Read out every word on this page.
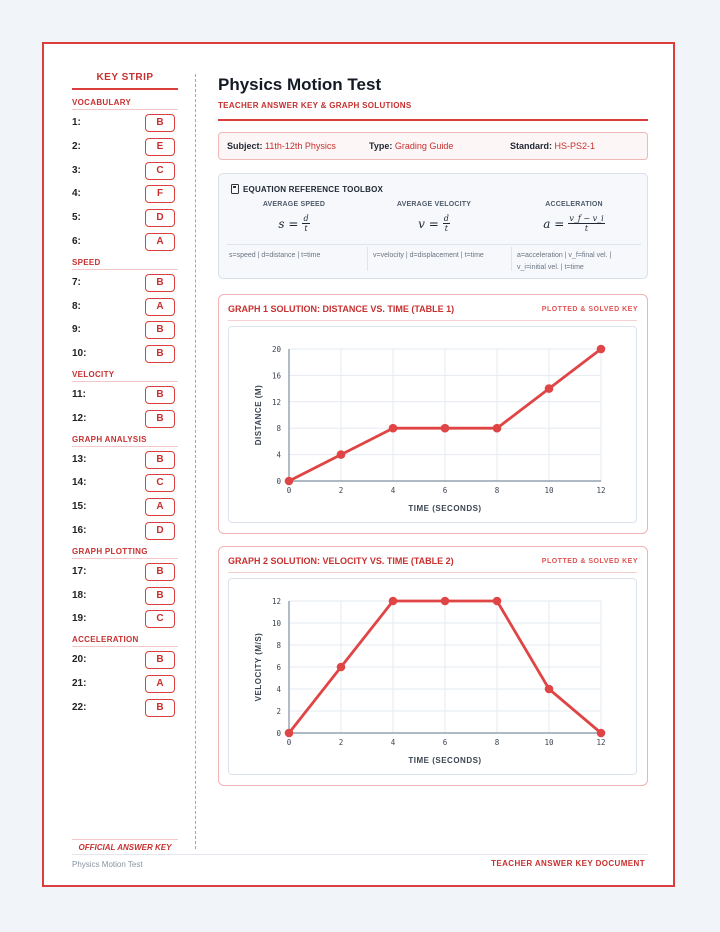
KEY STRIP
VOCABULARY
1:	B
2:	E
3:	C
4:	F
5:	D
6:	A
SPEED
7:	B
8:	A
9:	B
10:	B
VELOCITY
11:	B
12:	B
GRAPH ANALYSIS
13:	B
14:	C
15:	A
16:	D
GRAPH PLOTTING
17:	B
18:	B
19:	C
ACCELERATION
20:	B
21:	A
22:	B
OFFICIAL ANSWER KEY
Physics Motion Test
TEACHER ANSWER KEY & GRAPH SOLUTIONS
Subject: 11th-12th Physics	Type: Grading Guide	Standard: HS-PS2-1
EQUATION REFERENCE TOOLBOX
AVERAGE SPEED
$s = \frac{d}{t}$
AVERAGE VELOCITY
$v = \frac{d}{t}$
ACCELERATION
$a = \frac{v\_f - v\_i}{t}$
s=speed | d=distance | t=time	v=velocity | d=displacement | t=time	a=acceleration | v_f=final vel. | v_i=initial vel. | t=time
GRAPH 1 SOLUTION: DISTANCE VS. TIME (TABLE 1)	PLOTTED & SOLVED KEY
0
4
8
12
16
20
0	2	4	6	8	10	12
TIME (SECONDS)
DISTANCE (M)
GRAPH 2 SOLUTION: VELOCITY VS. TIME (TABLE 2)	PLOTTED & SOLVED KEY
0
2
4
6
8
10
12
0	2	4	6	8	10	12
TIME (SECONDS)
VELOCITY (M/S)
Physics Motion Test	TEACHER ANSWER KEY DOCUMENT
